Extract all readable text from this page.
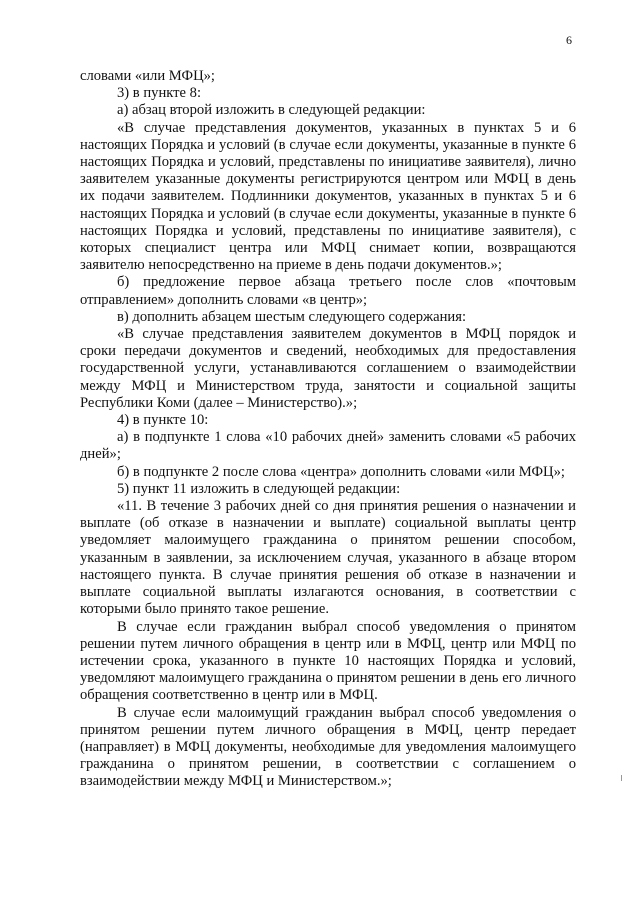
6

словами «или МФЦ»;

3) в пункте 8:

а) абзац второй изложить в следующей редакции:

«В случае представления документов, указанных в пунктах 5 и 6 настоящих Порядка и условий (в случае если документы, указанные в пункте 6 настоящих Порядка и условий, представлены по инициативе заявителя), лично заявителем указанные документы регистрируются центром или МФЦ в день их подачи заявителем. Подлинники документов, указанных в пунктах 5 и 6 настоящих Порядка и условий (в случае если документы, указанные в пункте 6 настоящих Порядка и условий, представлены по инициативе заявителя), с которых специалист центра или МФЦ снимает копии, возвращаются заявителю непосредственно на приеме в день подачи документов.»;

б) предложение первое абзаца третьего после слов «почтовым отправлением» дополнить словами «в центр»;

в) дополнить абзацем шестым следующего содержания:

«В случае представления заявителем документов в МФЦ порядок и сроки передачи документов и сведений, необходимых для предоставления государственной услуги, устанавливаются соглашением о взаимодействии между МФЦ и Министерством труда, занятости и социальной защиты Республики Коми (далее – Министерство).»;

4) в пункте 10:

а) в подпункте 1 слова «10 рабочих дней» заменить словами «5 рабочих дней»;

б) в подпункте 2 после слова «центра» дополнить словами «или МФЦ»;

5) пункт 11 изложить в следующей редакции:

«11. В течение 3 рабочих дней со дня принятия решения о назначении и выплате (об отказе в назначении и выплате) социальной выплаты центр уведомляет малоимущего гражданина о принятом решении способом, указанным в заявлении, за исключением случая, указанного в абзаце втором настоящего пункта. В случае принятия решения об отказе в назначении и выплате социальной выплаты излагаются основания, в соответствии с которыми было принято такое решение.

В случае если гражданин выбрал способ уведомления о принятом решении путем личного обращения в центр или в МФЦ, центр или МФЦ по истечении срока, указанного в пункте 10 настоящих Порядка и условий, уведомляют малоимущего гражданина о принятом решении в день его личного обращения соответственно в центр или в МФЦ.

В случае если малоимущий гражданин выбрал способ уведомления о принятом решении путем личного обращения в МФЦ, центр передает (направляет) в МФЦ документы, необходимые для уведомления малоимущего гражданина о принятом решении, в соответствии с соглашением о взаимодействии между МФЦ и Министерством.»;
